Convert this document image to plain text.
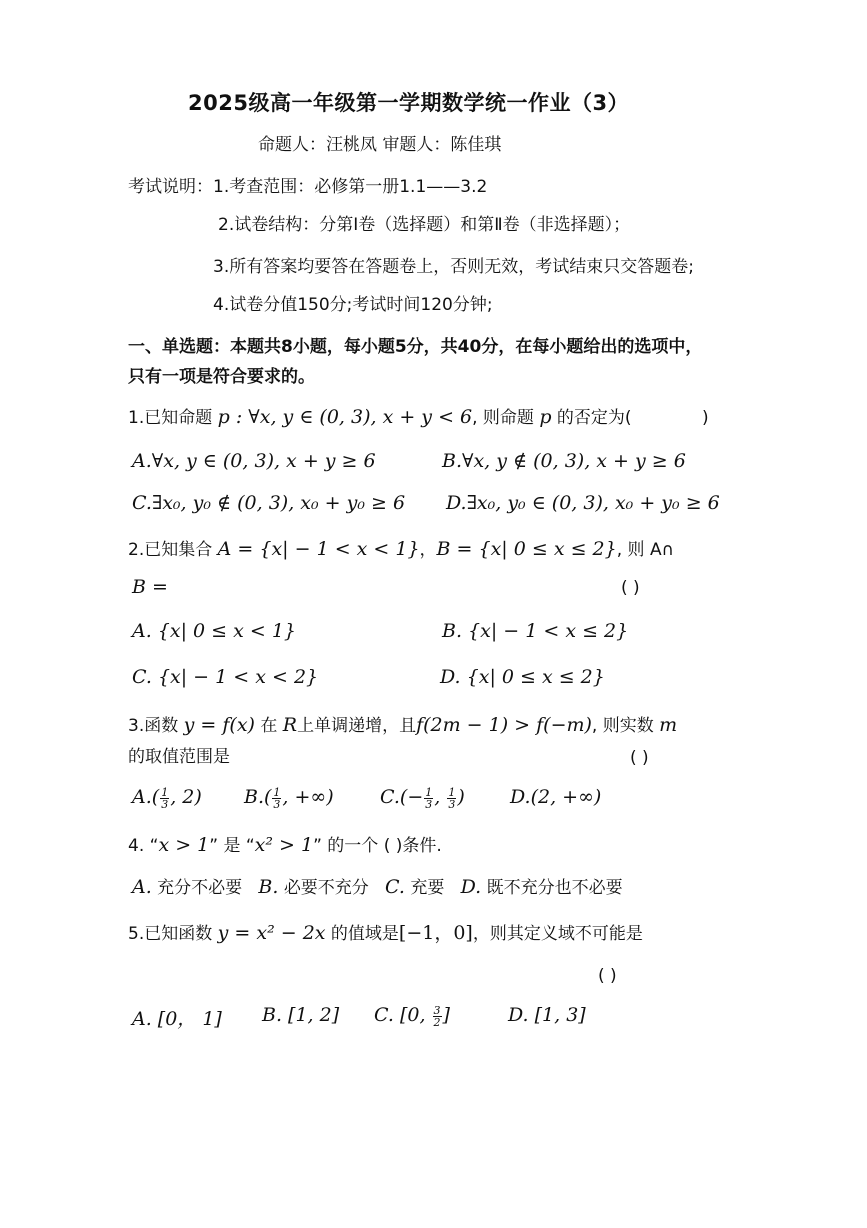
2025级高一年级第一学期数学统一作业（3）
命题人：汪桃凤 审题人：陈佳琪
考试说明：1.考查范围：必修第一册1.1——3.2
2.试卷结构：分第Ⅰ卷（选择题）和第Ⅱ卷（非选择题）；
3.所有答案均要答在答题卷上，否则无效，考试结束只交答题卷;
4.试卷分值150分;考试时间120分钟;
一、单选题：本题共8小题，每小题5分，共40分，在每小题给出的选项中，
只有一项是符合要求的。
1.已知命题 p : ∀x, y ∈ (0, 3), x + y < 6, 则命题 p 的否定为(	)
A.∀x, y ∈ (0, 3), x + y ≥ 6	B.∀x, y ∉ (0, 3), x + y ≥ 6
C.∃x₀, y₀ ∉ (0, 3), x₀ + y₀ ≥ 6 D.∃x₀, y₀ ∈ (0, 3), x₀ + y₀ ≥ 6
2.已知集合 A = {x| − 1 < x < 1}，B = {x| 0 ≤ x ≤ 2}, 则 A∩
B =	( )
A. {x| 0 ≤ x < 1}	B. {x| − 1 < x ≤ 2}
C. {x| − 1 < x < 2}	D. {x| 0 ≤ x ≤ 2}
3.函数 y = f(x) 在 R上单调递增，且f(2m − 1) > f(−m), 则实数 m
的取值范围是	( )
$A.( \frac{1}{3}$ , 2) $B.( \frac{1}{3}$ , +∞) $C.(- \frac{1}{3}$ , $\frac{1}{3}$ ) D.(2, +∞)
4. “x > 1” 是 “x² > 1” 的一个 ( )条件.
A. 充分不必要 B. 必要不充分 C. 充要 D. 既不充分也不必要
5.已知函数 y = x² − 2x 的值域是[−1，0]，则其定义域不可能是
( )
A. [0， 1] B. [1, 2] C. [0, $\frac{3}{2}$ ]	D. [1, 3]
